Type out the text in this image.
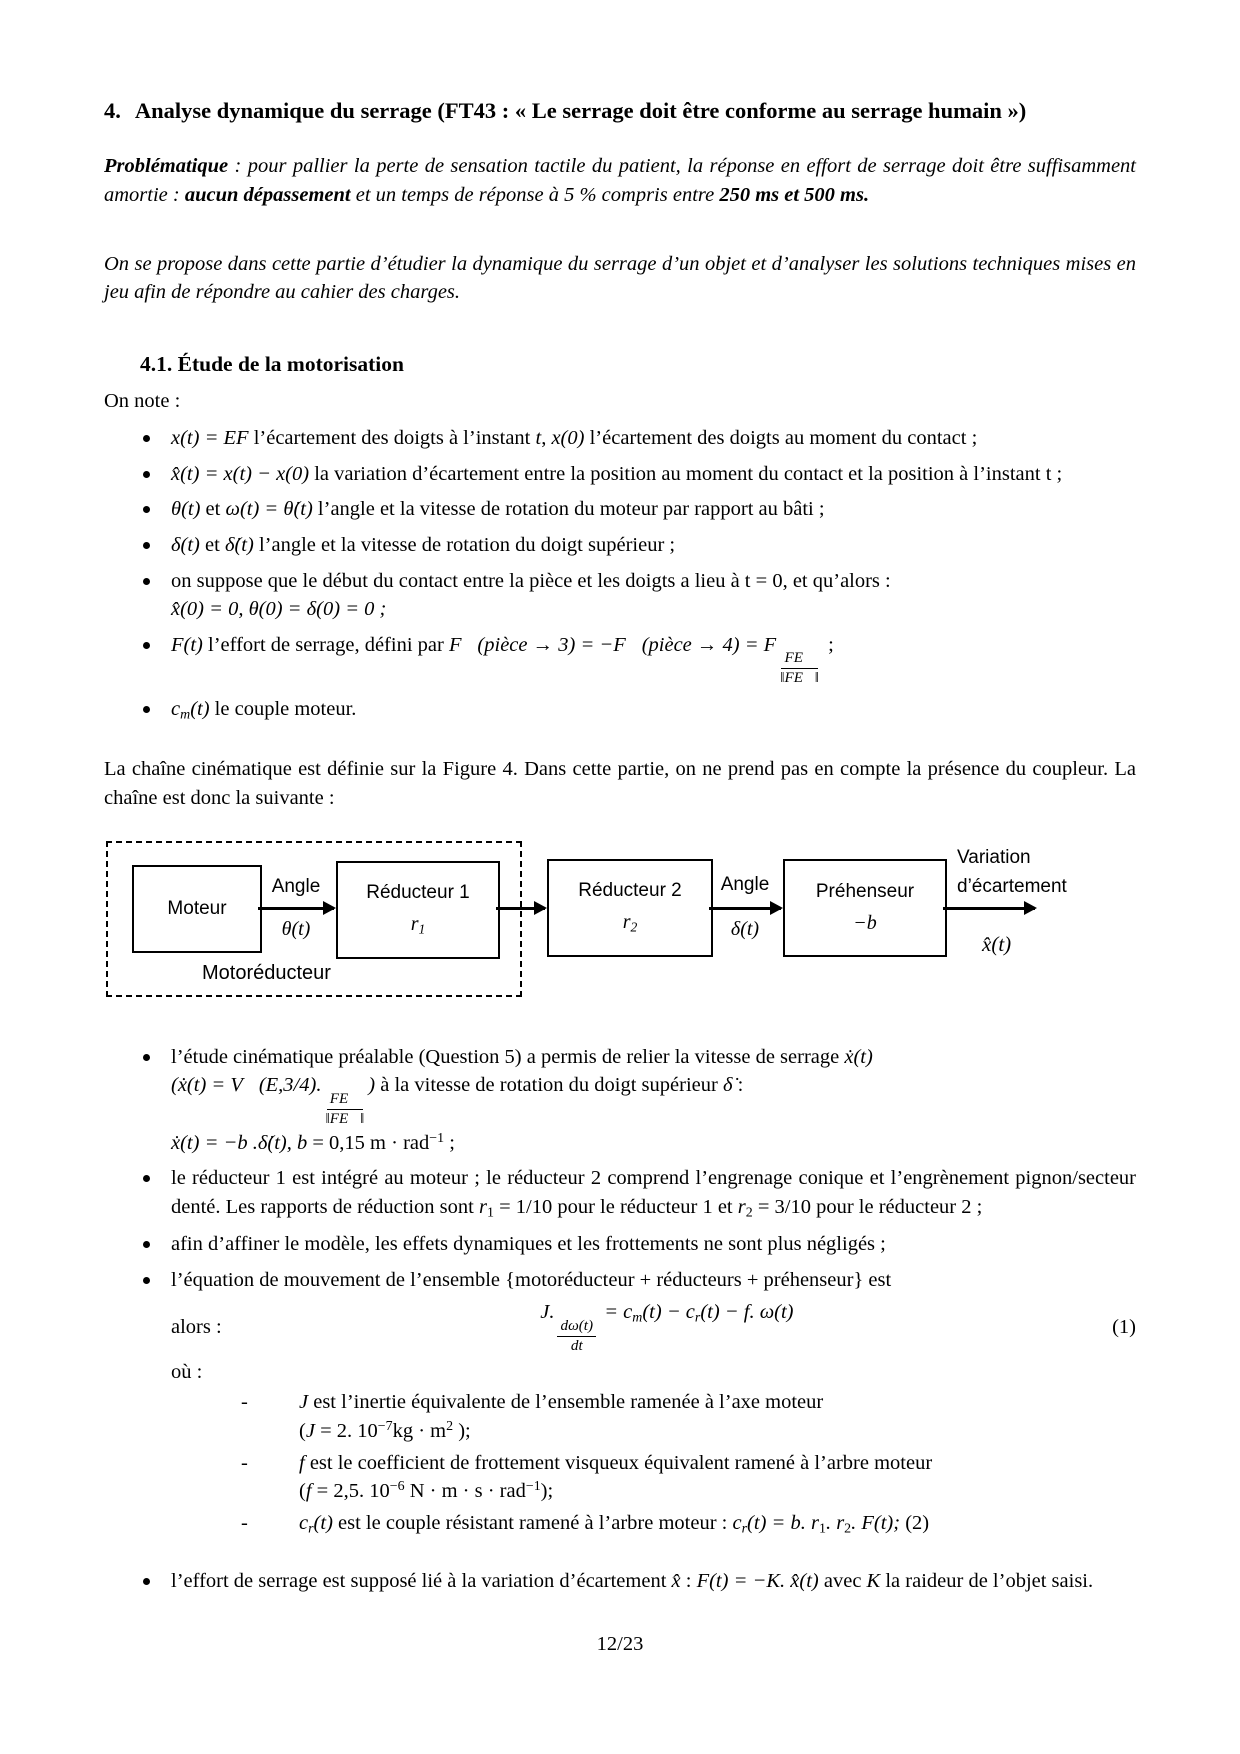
4. Analyse dynamique du serrage (FT43 : « Le serrage doit être conforme au serrage humain »)

Problématique : pour pallier la perte de sensation tactile du patient, la réponse en effort de serrage doit être suffisamment amortie : aucun dépassement et un temps de réponse à 5 % compris entre 250 ms et 500 ms.

On se propose dans cette partie d’étudier la dynamique du serrage d’un objet et d’analyser les solutions techniques mises en jeu afin de répondre au cahier des charges.

4.1. Étude de la motorisation

On note :

x(t) = EF l’écartement des doigts à l’instant t, x(0) l’écartement des doigts au moment du contact ;
x̂(t) = x(t) − x(0) la variation d’écartement entre la position au moment du contact et la position à l’instant t ;
θ(t) et ω(t) = θ̇(t) l’angle et la vitesse de rotation du moteur par rapport au bâti ;
δ(t) et δ̇(t) l’angle et la vitesse de rotation du doigt supérieur ;
on suppose que le début du contact entre la pièce et les doigts a lieu à t = 0, et qu’alors :
x̂(0) = 0, θ(0) = δ(0) = 0 ;
F(t) l’effort de serrage, défini par F⃗(pièce → 3) = −F⃗(pièce → 4) = F
$\frac{FE⃗}{‖FE⃗‖}$
;
cm(t) le couple moteur.

La chaîne cinématique est définie sur la Figure 4. Dans cette partie, on ne prend pas en compte la présence du coupleur. La chaîne est donc la suivante :

Moteur
Angle
θ(t)
Réducteur 1
r1
Réducteur 2
r2
Angle
δ(t)
Préhenseur
−b
Variation
d’écartement
x̂(t)
Motoréducteur
l’étude cinématique préalable (Question 5) a permis de relier la vitesse de serrage ẋ(t)
(ẋ(t) = V⃗(E,3/4).
$\frac{FE⃗}{‖FE⃗‖}$
) à la vitesse de rotation du doigt supérieur δ̇ :
ẋ(t) = −b .δ̇(t), b = 0,15 m · rad$^{-1}$ ;
le réducteur 1 est intégré au moteur ; le réducteur 2 comprend l’engrenage conique et l’engrènement pignon/secteur denté. Les rapports de réduction sont r1 = 1/10 pour le réducteur 1 et r2 = 3/10 pour le réducteur 2 ;
afin d’affiner le modèle, les effets dynamiques et les frottements ne sont plus négligés ;
l’équation de mouvement de l’ensemble {motoréducteur + réducteurs + préhenseur} est
alors :
J.
$\frac{d\omega(t)}{dt}$
= cm(t) − cr(t) − f. ω(t)
(1)
où :
- J est l’inertie équivalente de l’ensemble ramenée à l’axe moteur
(J = 2. $10^{-7}kg \cdot m^2$ );
- f est le coefficient de frottement visqueux équivalent ramené à l’arbre moteur
(f = 2,5. $10^{-6}$ N · m · s · rad$^{-1}$);
- cr(t) est le couple résistant ramené à l’arbre moteur : cr(t) = b. r1. r2. F(t); (2)
l’effort de serrage est supposé lié à la variation d’écartement x̂ : F(t) = −K. x̂(t) avec K la raideur de l’objet saisi.
12/23
